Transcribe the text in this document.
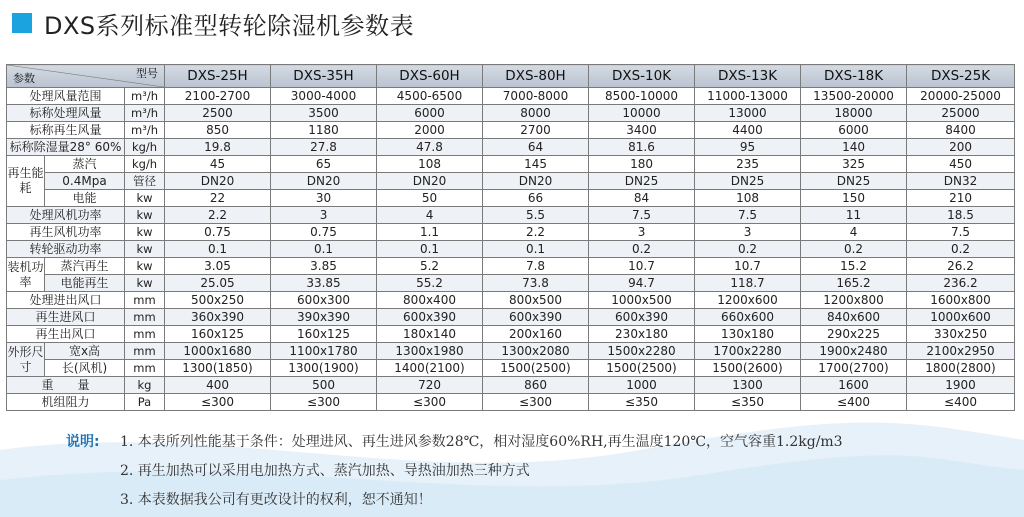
DXS系列标准型转轮除湿机参数表
参数 型号			DXS-25H	DXS-35H	DXS-60H	DXS-80H	DXS-10K	DXS-13K	DXS-18K	DXS-25K
处理风量范围		m³/h	2100-2700	3000-4000	4500-6500	7000-8000	8500-10000	11000-13000	13500-20000	20000-25000
标称处理风量		m³/h	2500	3500	6000	8000	10000	13000	18000	25000
标称再生风量		m³/h	850	1180	2000	2700	3400	4400	6000	8400
标称除湿量28° 60%		kg/h	19.8	27.8	47.8	64	81.6	95	140	200
再生能耗	蒸汽	kg/h	45	65	108	145	180	235	325	450
	0.4Mpa	管径	DN20	DN20	DN20	DN20	DN25	DN25	DN25	DN32
	电能	kw	22	30	50	66	84	108	150	210
处理风机功率		kw	2.2	3	4	5.5	7.5	7.5	11	18.5
再生风机功率		kw	0.75	0.75	1.1	2.2	3	3	4	7.5
转轮驱动功率		kw	0.1	0.1	0.1	0.1	0.2	0.2	0.2	0.2
装机功率	蒸汽再生	kw	3.05	3.85	5.2	7.8	10.7	10.7	15.2	26.2
	电能再生	kw	25.05	33.85	55.2	73.8	94.7	118.7	165.2	236.2
处理进出风口		mm	500x250	600x300	800x400	800x500	1000x500	1200x600	1200x800	1600x800
再生进风口		mm	360x390	390x390	600x390	600x390	600x390	660x600	840x600	1000x600
再生出风口		mm	160x125	160x125	180x140	200x160	230x180	130x180	290x225	330x250
外形尺寸	宽x高	mm	1000x1680	1100x1780	1300x1980	1300x2080	1500x2280	1700x2280	1900x2480	2100x2950
	长(风机)	mm	1300(1850)	1300(1900)	1400(2100)	1500(2500)	1500(2500)	1500(2600)	1700(2700)	1800(2800)
重　　量		kg	400	500	720	860	1000	1300	1600	1900
机组阻力		Pa	≤300	≤300	≤300	≤300	≤350	≤350	≤400	≤400
说明:	1. 本表所列性能基于条件：处理进风、再生进风参数28℃，相对湿度60%RH,再生温度120℃，空气容重1.2kg/m3
2. 再生加热可以采用电加热方式、蒸汽加热、导热油加热三种方式
3. 本表数据我公司有更改设计的权利，恕不通知！
